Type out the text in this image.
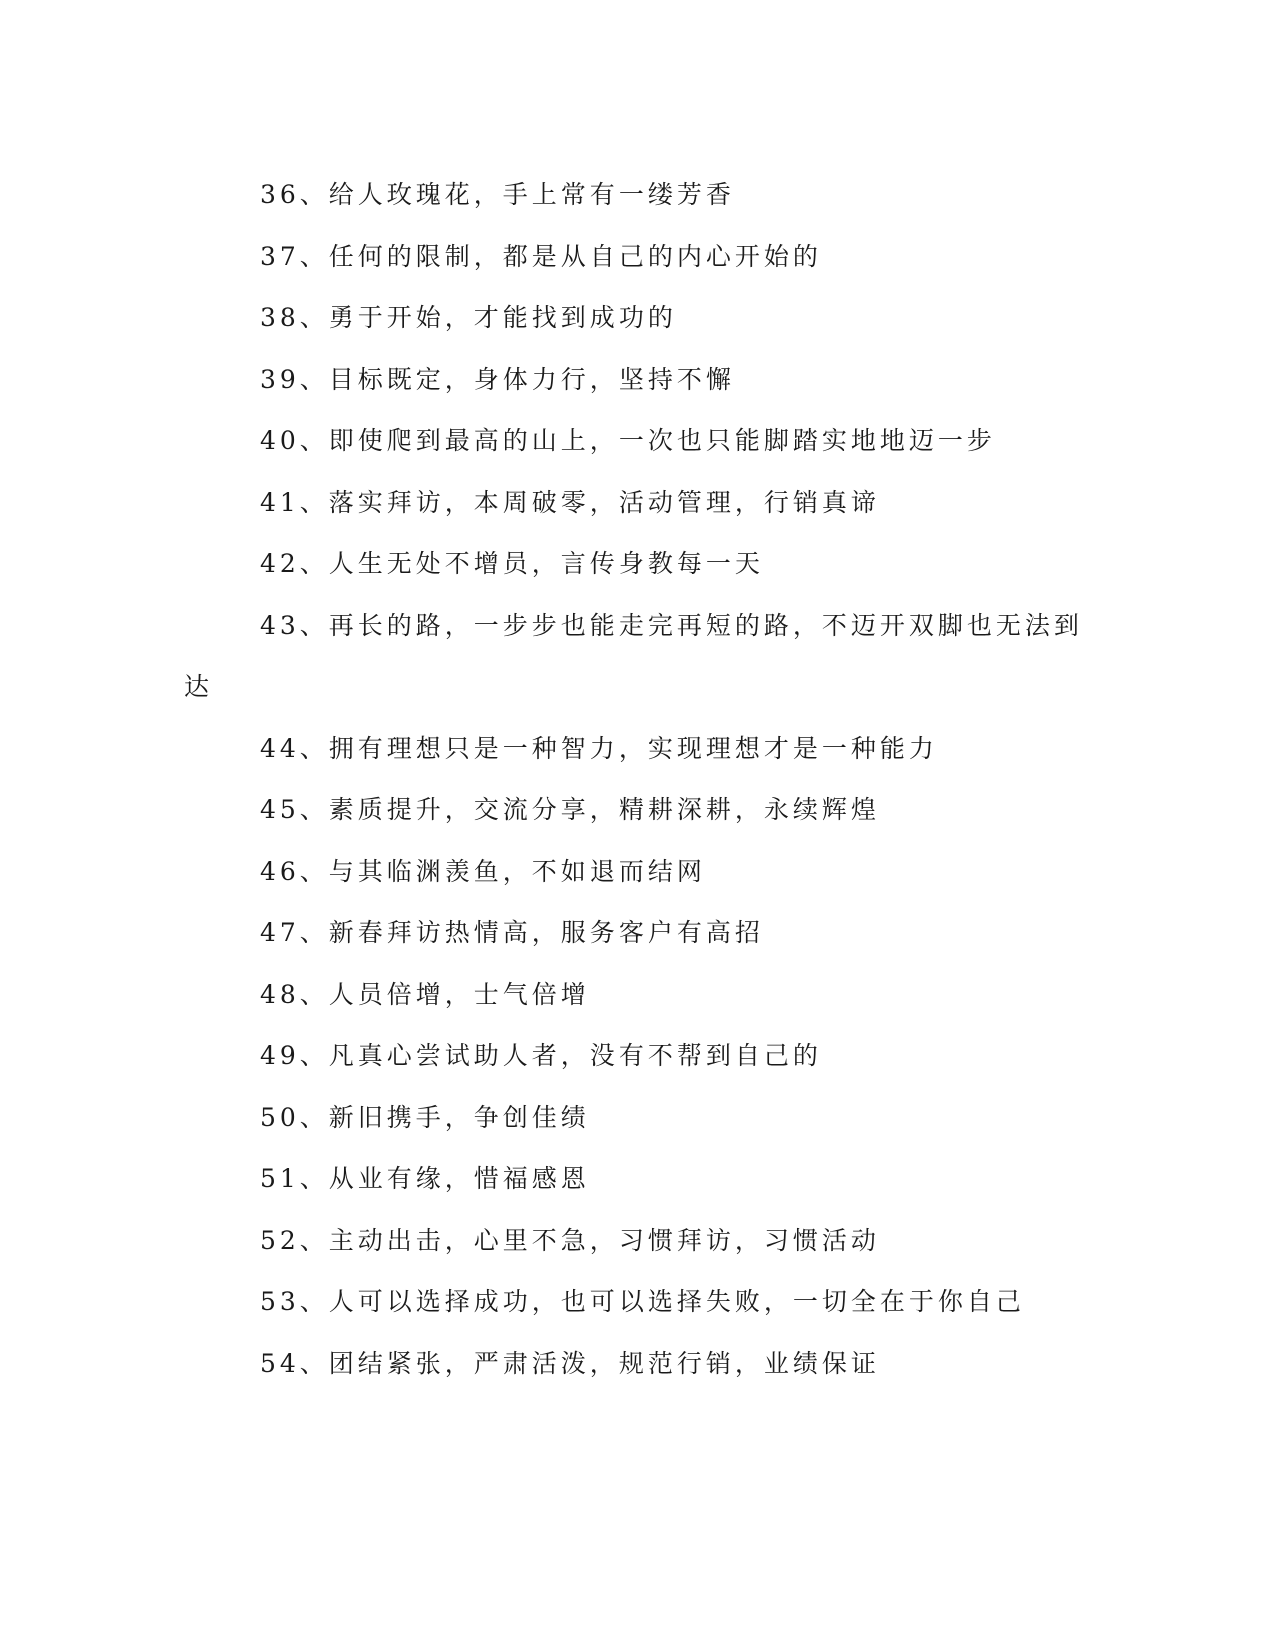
36、给人玫瑰花，手上常有一缕芳香

37、任何的限制，都是从自己的内心开始的

38、勇于开始，才能找到成功的

39、目标既定，身体力行，坚持不懈

40、即使爬到最高的山上，一次也只能脚踏实地地迈一步

41、落实拜访，本周破零，活动管理，行销真谛

42、人生无处不增员，言传身教每一天

43、再长的路，一步步也能走完再短的路，不迈开双脚也无法到达

44、拥有理想只是一种智力，实现理想才是一种能力

45、素质提升，交流分享，精耕深耕，永续辉煌

46、与其临渊羡鱼，不如退而结网

47、新春拜访热情高，服务客户有高招

48、人员倍增，士气倍增

49、凡真心尝试助人者，没有不帮到自己的

50、新旧携手，争创佳绩

51、从业有缘，惜福感恩

52、主动出击，心里不急，习惯拜访，习惯活动

53、人可以选择成功，也可以选择失败，一切全在于你自己

54、团结紧张，严肃活泼，规范行销，业绩保证
